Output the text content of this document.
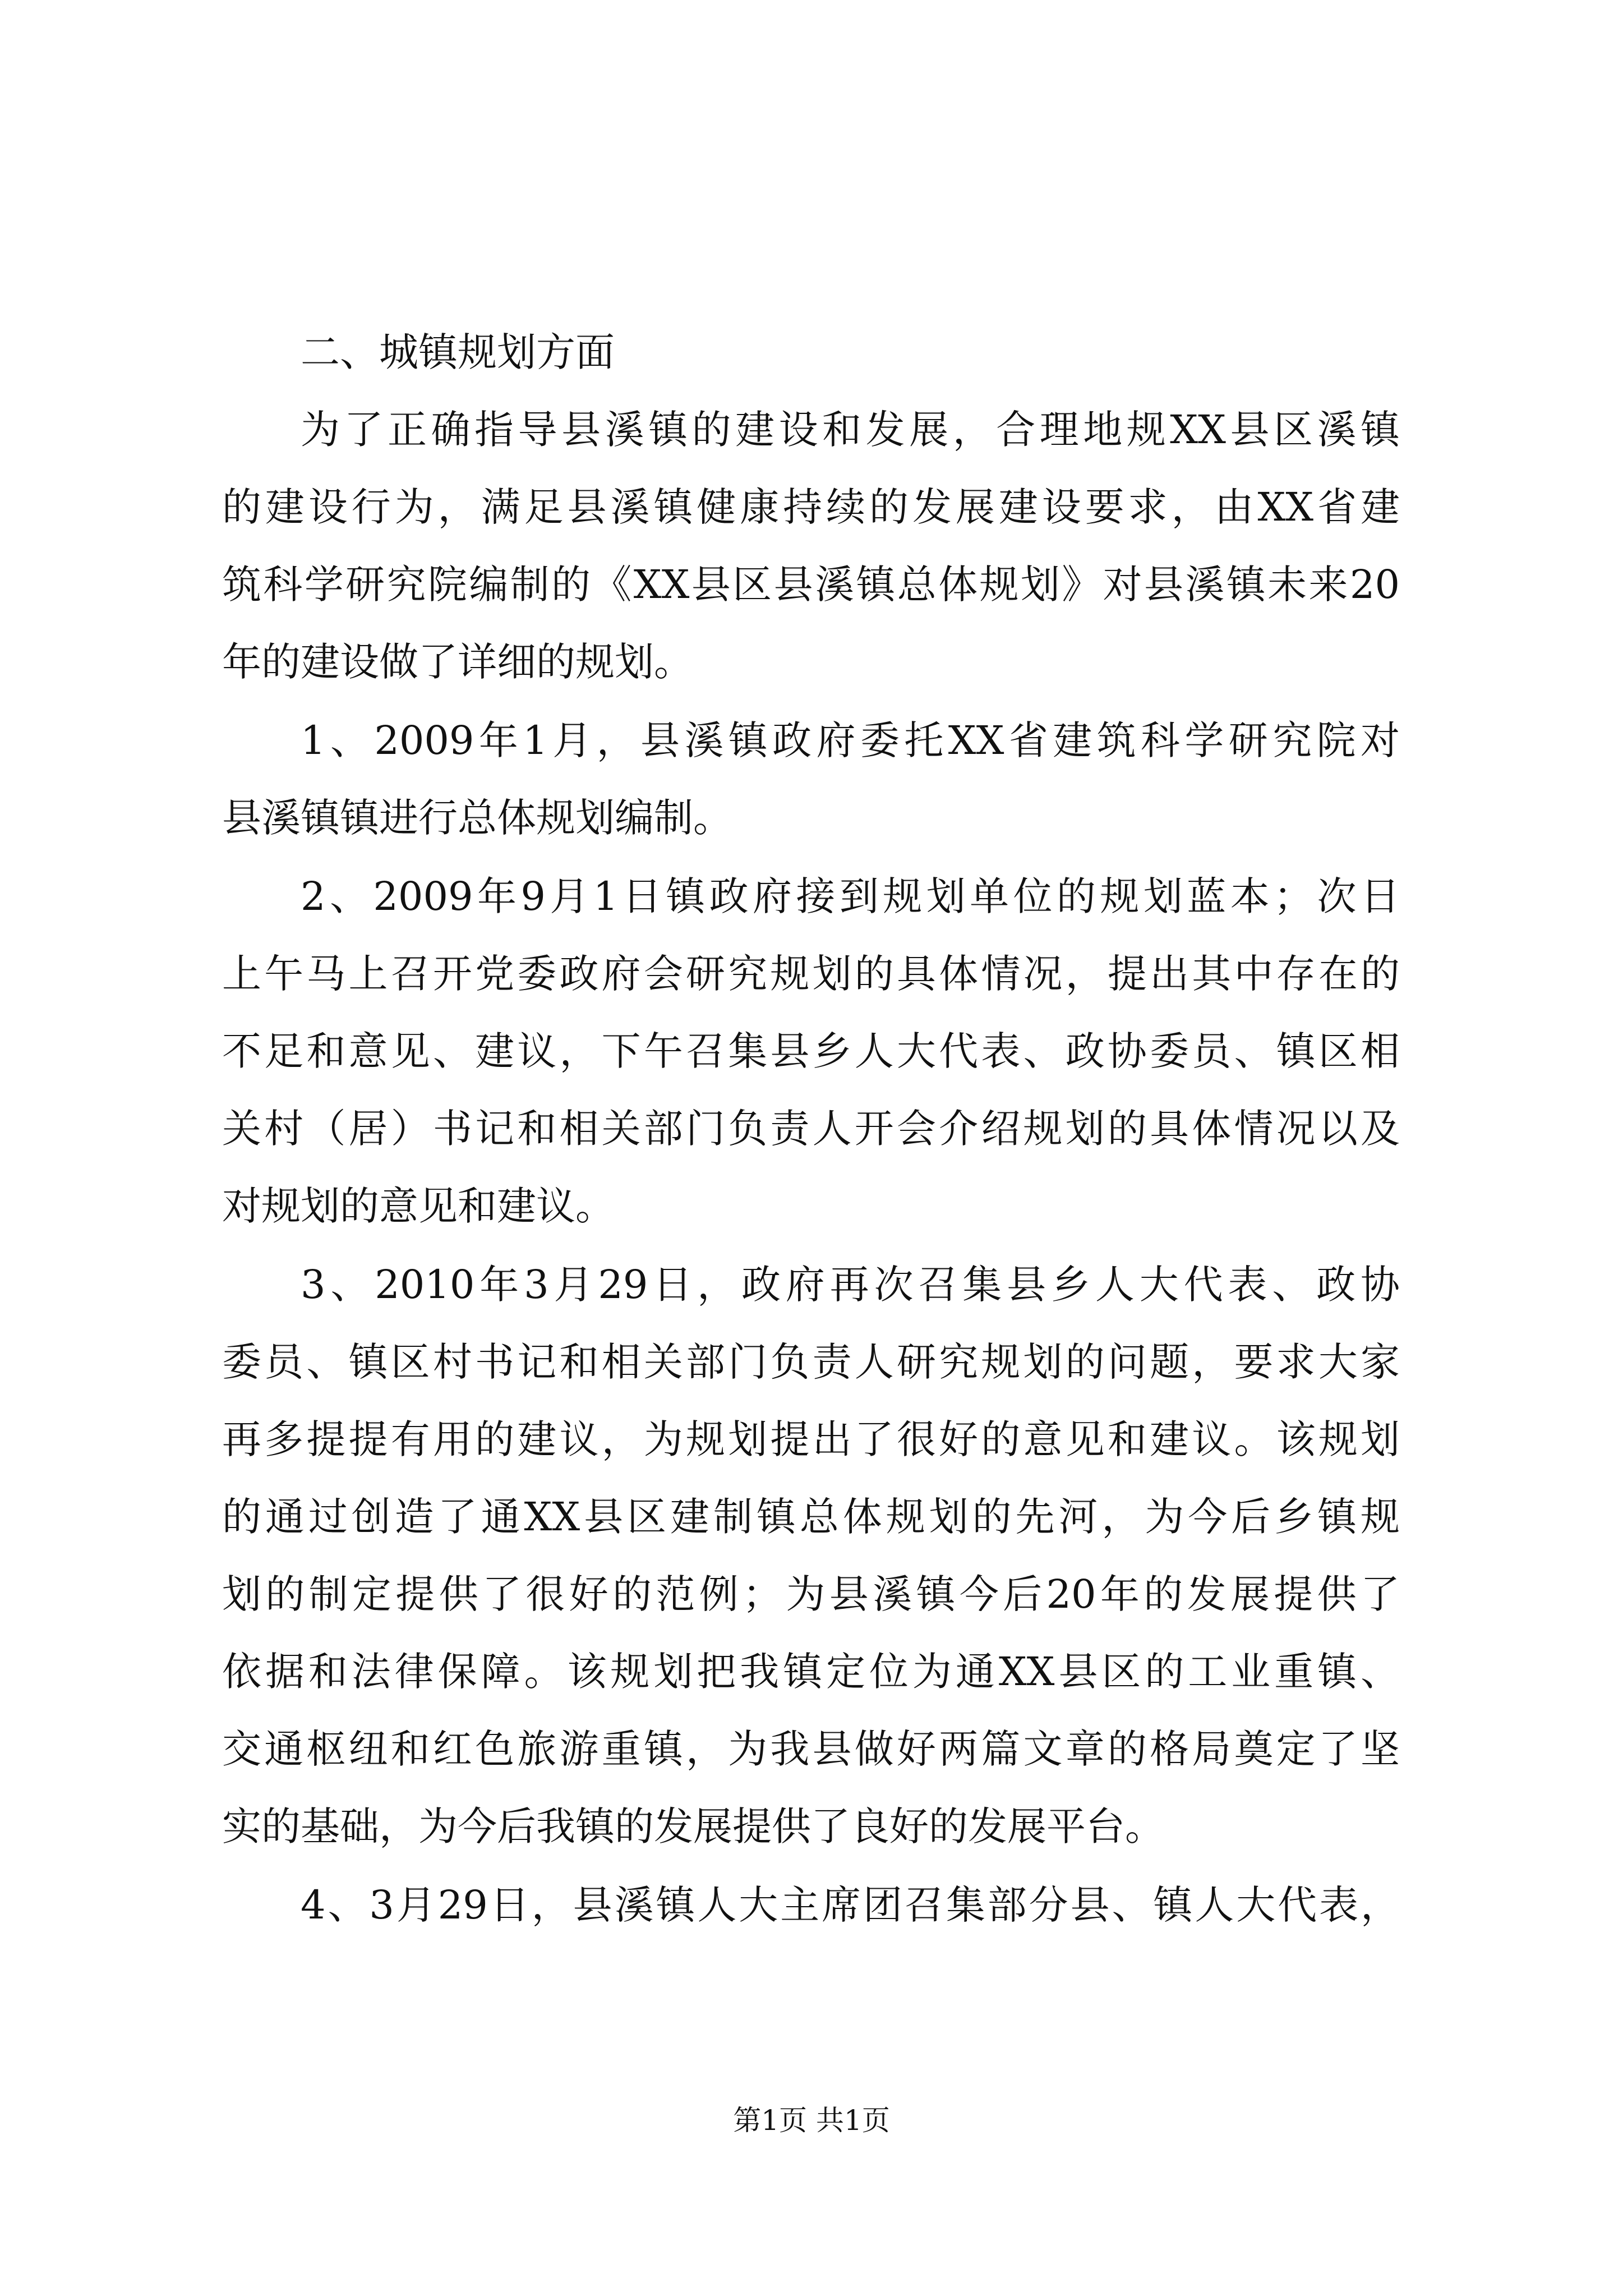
二、城镇规划方面
为了正确指导县溪镇的建设和发展，合理地规XX县区溪镇
的建设行为，满足县溪镇健康持续的发展建设要求，由XX省建
筑科学研究院编制的《XX县区县溪镇总体规划》对县溪镇未来20
年的建设做了详细的规划。
1、2009年1月，县溪镇政府委托XX省建筑科学研究院对
县溪镇镇进行总体规划编制。
2、2009年9月1日镇政府接到规划单位的规划蓝本；次日
上午马上召开党委政府会研究规划的具体情况，提出其中存在的
不足和意见、建议，下午召集县乡人大代表、政协委员、镇区相
关村（居）书记和相关部门负责人开会介绍规划的具体情况以及
对规划的意见和建议。
3、2010年3月29日，政府再次召集县乡人大代表、政协
委员、镇区村书记和相关部门负责人研究规划的问题，要求大家
再多提提有用的建议，为规划提出了很好的意见和建议。该规划
的通过创造了通XX县区建制镇总体规划的先河，为今后乡镇规
划的制定提供了很好的范例；为县溪镇今后20年的发展提供了
依据和法律保障。该规划把我镇定位为通XX县区的工业重镇、
交通枢纽和红色旅游重镇，为我县做好两篇文章的格局奠定了坚
实的基础，为今后我镇的发展提供了良好的发展平台。
4、3月29日，县溪镇人大主席团召集部分县、镇人大代表，
第1页 共1页
